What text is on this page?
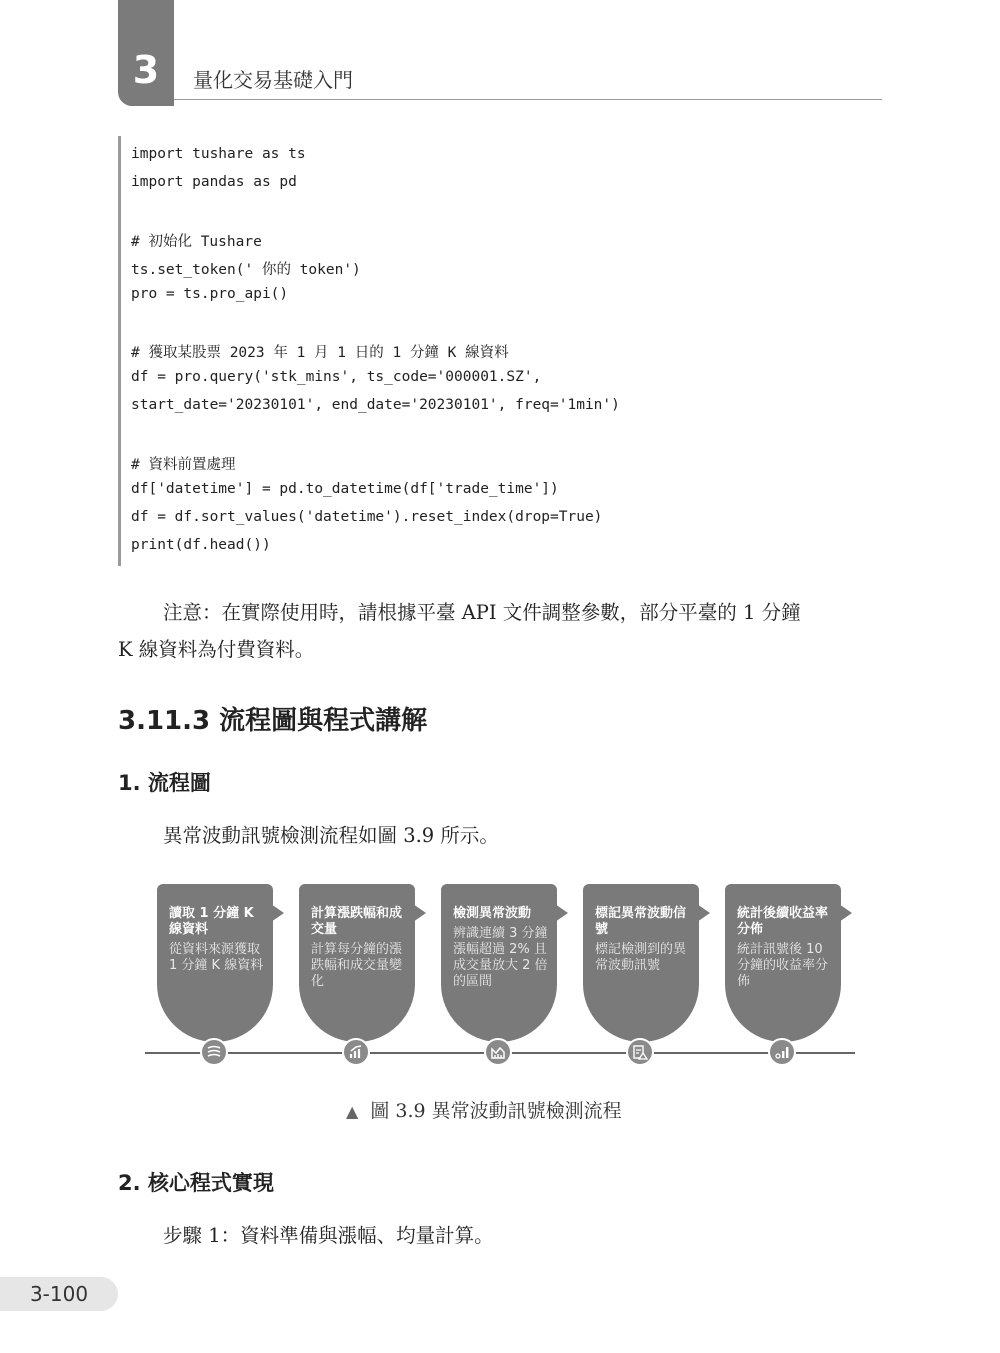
3 量化交易基礎入門
import tushare as ts
import pandas as pd
# 初始化 Tushare
ts.set_token(' 你的 token')
pro = ts.pro_api()
# 獲取某股票 2023 年 1 月 1 日的 1 分鐘 K 線資料
df = pro.query('stk_mins', ts_code='000001.SZ',
start_date='20230101', end_date='20230101', freq='1min')
# 資料前置處理
df['datetime'] = pd.to_datetime(df['trade_time'])
df = df.sort_values('datetime').reset_index(drop=True)
print(df.head())
注意：在實際使用時，請根據平臺 API 文件調整參數，部分平臺的 1 分鐘
K 線資料為付費資料。
3.11.3 流程圖與程式講解
1. 流程圖
異常波動訊號檢測流程如圖 3.9 所示。
讀取 1 分鐘 K 線資料
從資料來源獲取 1 分鐘 K 線資料
計算漲跌幅和成交量
計算每分鐘的漲跌幅和成交量變化
檢測異常波動
辨識連續 3 分鐘漲幅超過 2% 且成交量放大 2 倍的區間
標記異常波動信號
標記檢測到的異常波動訊號
統計後續收益率分佈
統計訊號後 10 分鐘的收益率分佈
▲ 圖 3.9 異常波動訊號檢測流程
2. 核心程式實現
步驟 1：資料準備與漲幅、均量計算。
3-100
